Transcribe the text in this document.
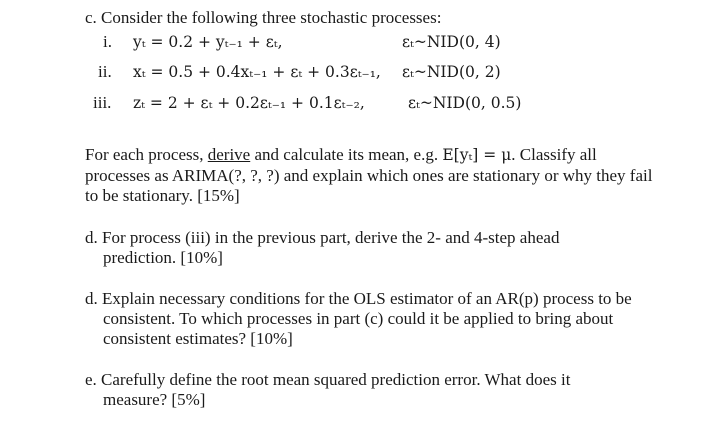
c. Consider the following three stochastic processes:
i. yₜ = 0.2 + yₜ₋₁ + εₜ,	εₜ~NID(0, 4)
ii. xₜ = 0.5 + 0.4xₜ₋₁ + εₜ + 0.3εₜ₋₁, εₜ~NID(0, 2)
iii. zₜ = 2 + εₜ + 0.2εₜ₋₁ + 0.1εₜ₋₂,	εₜ~NID(0, 0.5)
For each process, derive and calculate its mean, e.g. E[yₜ] = μ. Classify all
processes as ARIMA(?, ?, ?) and explain which ones are stationary or why they fail
to be stationary. [15%]
d. For process (iii) in the previous part, derive the 2- and 4-step ahead
prediction. [10%]
d. Explain necessary conditions for the OLS estimator of an AR(p) process to be
consistent. To which processes in part (c) could it be applied to bring about
consistent estimates? [10%]
e. Carefully define the root mean squared prediction error. What does it
measure? [5%]
